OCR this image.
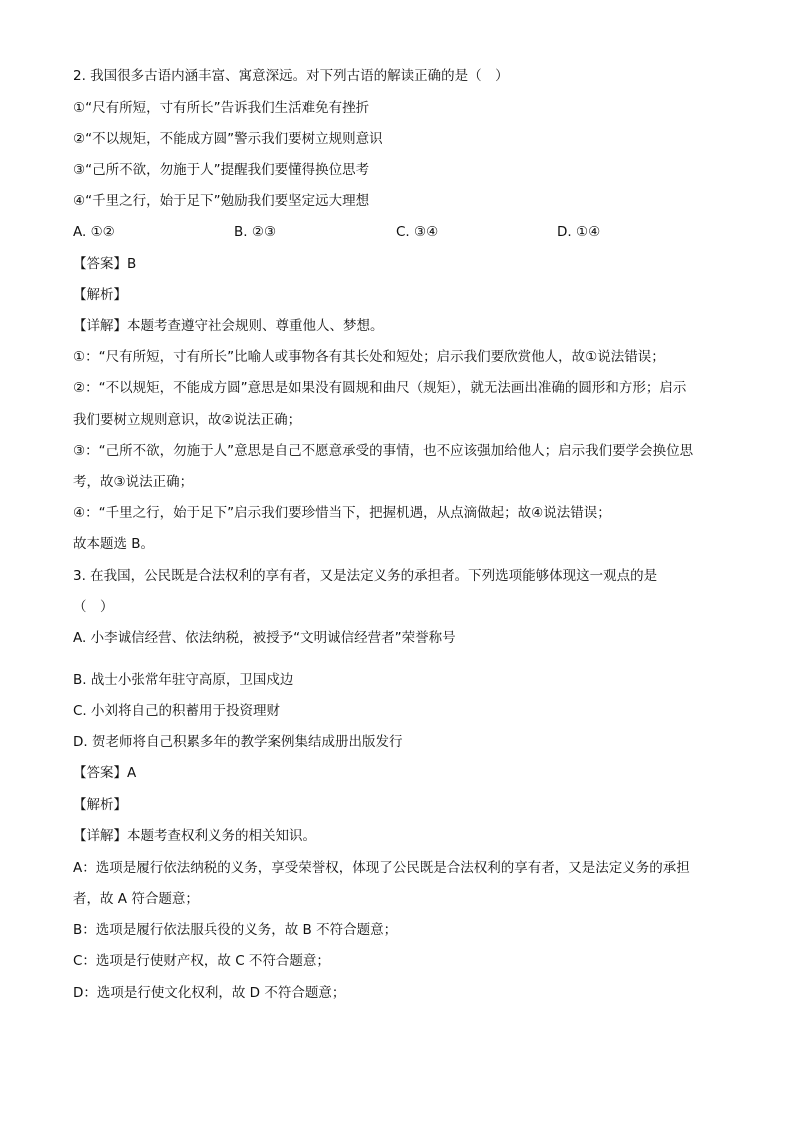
2. 我国很多古语内涵丰富、寓意深远。对下列古语的解读正确的是（　）
①“尺有所短，寸有所长”告诉我们生活难免有挫折
②“不以规矩，不能成方圆”警示我们要树立规则意识
③“己所不欲，勿施于人”提醒我们要懂得换位思考
④“千里之行，始于足下”勉励我们要坚定远大理想
A. ①②	B. ②③	C. ③④	D. ①④
【答案】B
【解析】
【详解】本题考查遵守社会规则、尊重他人、梦想。
①：“尺有所短，寸有所长”比喻人或事物各有其长处和短处；启示我们要欣赏他人，故①说法错误；
②：“不以规矩，不能成方圆”意思是如果没有圆规和曲尺（规矩），就无法画出准确的圆形和方形；启示
我们要树立规则意识，故②说法正确；
③：“己所不欲，勿施于人”意思是自己不愿意承受的事情，也不应该强加给他人；启示我们要学会换位思
考，故③说法正确；
④：“千里之行，始于足下”启示我们要珍惜当下，把握机遇，从点滴做起；故④说法错误；
故本题选 B。
3. 在我国，公民既是合法权利的享有者，又是法定义务的承担者。下列选项能够体现这一观点的是
（　）
A. 小李诚信经营、依法纳税，被授予“文明诚信经营者”荣誉称号
B. 战士小张常年驻守高原，卫国戍边
C. 小刘将自己的积蓄用于投资理财
D. 贺老师将自己积累多年的教学案例集结成册出版发行
【答案】A
【解析】
【详解】本题考查权利义务的相关知识。
A：选项是履行依法纳税的义务，享受荣誉权，体现了公民既是合法权利的享有者，又是法定义务的承担
者，故 A 符合题意；
B：选项是履行依法服兵役的义务，故 B 不符合题意；
C：选项是行使财产权，故 C 不符合题意；
D：选项是行使文化权利，故 D 不符合题意；
